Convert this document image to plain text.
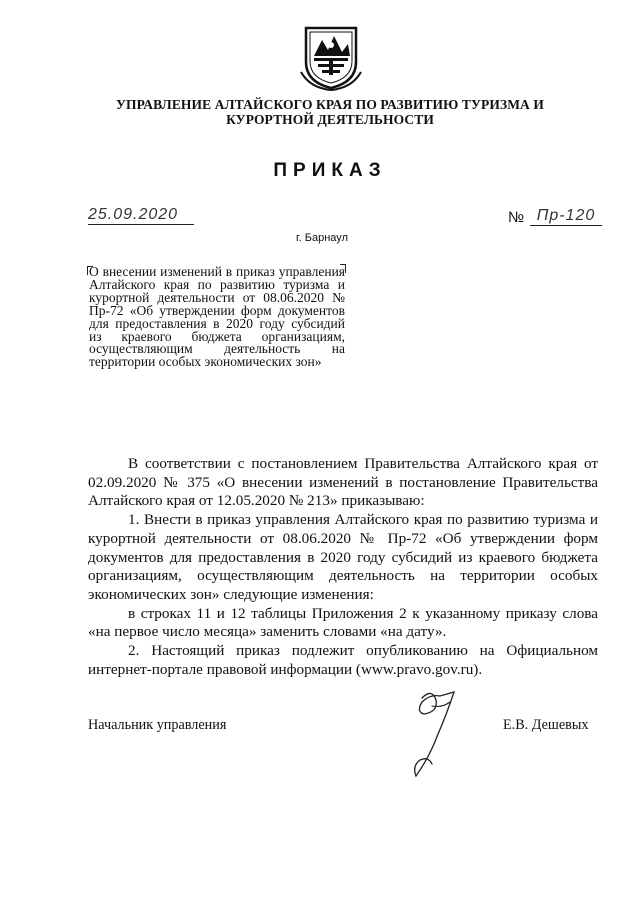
УПРАВЛЕНИЕ АЛТАЙСКОГО КРАЯ ПО РАЗВИТИЮ ТУРИЗМА И
КУРОРТНОЙ ДЕЯТЕЛЬНОСТИ
ПРИКАЗ
25.09.2020	№ Пр-120
г. Барнаул
О внесении изменений в приказ управления Алтайского края по развитию туризма и курортной деятельности от 08.06.2020 № Пр-72 «Об утверждении форм документов для предоставления в 2020 году субсидий из краевого бюджета организациям, осуществляющим деятельность на территории особых экономических зон»

В соответствии с постановлением Правительства Алтайского края от 02.09.2020 № 375 «О внесении изменений в постановление Правительства Алтайского края от 12.05.2020 № 213» приказываю:

1. Внести в приказ управления Алтайского края по развитию туризма и курортной деятельности от 08.06.2020 № Пр-72 «Об утверждении форм документов для предоставления в 2020 году субсидий из краевого бюджета организациям, осуществляющим деятельность на территории особых экономических зон» следующие изменения:

в строках 11 и 12 таблицы Приложения 2 к указанному приказу слова «на первое число месяца» заменить словами «на дату».

2. Настоящий приказ подлежит опубликованию на Официальном интернет-портале правовой информации (www.pravo.gov.ru).

Начальник управления	Е.В. Дешевых
